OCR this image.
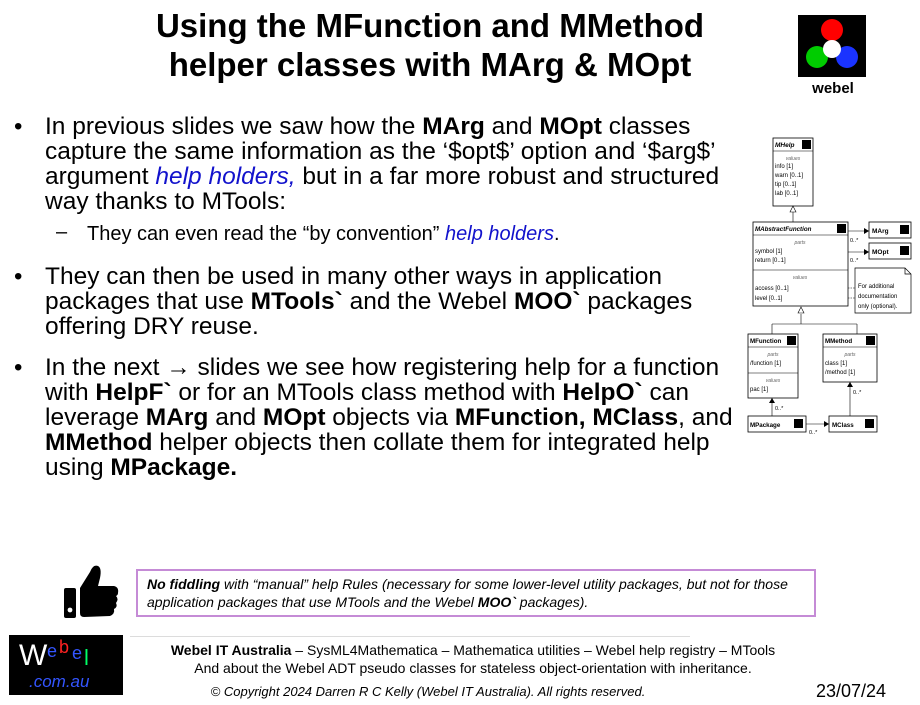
Using the MFunction and MMethod
helper classes with MArg & MOpt
webel
• In previous slides we saw how the MArg and MOpt classes capture the same information as the ‘$opt$’ option and ‘$arg$’ argument help holders, but in a far more robust and structured way thanks to MTools:
– They can even read the “by convention” help holders.
• They can then be used in many other ways in application packages that use MTools` and the Webel MOO` packages offering DRY reuse.
• In the next → slides we see how registering help for a function with HelpF` or for an MTools class method with HelpO` can leverage MArg and MOpt objects via MFunction, MClass, and MMethod helper objects then collate them for integrated help using MPackage.
MHelp
values
info [1]
warn [0..1]
tip [0..1]
lab [0..1]
MAbstractFunction
parts
symbol [1]
return [0..1]
values
access [0..1]
level [0..1]
MArg
MOpt
0..*
0..*
For additional
documentation
only (optional).
MFunction
parts
/function [1]
values
pac [1]
MMethod
parts
class [1]
/method [1]
MPackage	MClass
0..*
0..*
0..*
No fiddling with “manual” help Rules (necessary for some lower-level utility packages, but not for those application packages that use MTools and the Webel MOO` packages).
W e b e l
.com.au
Webel IT Australia – SysML4Mathematica – Mathematica utilities – Webel help registry – MTools
And about the Webel ADT pseudo classes for stateless object-orientation with inheritance.
© Copyright 2024 Darren R C Kelly (Webel IT Australia). All rights reserved.	23/07/24
